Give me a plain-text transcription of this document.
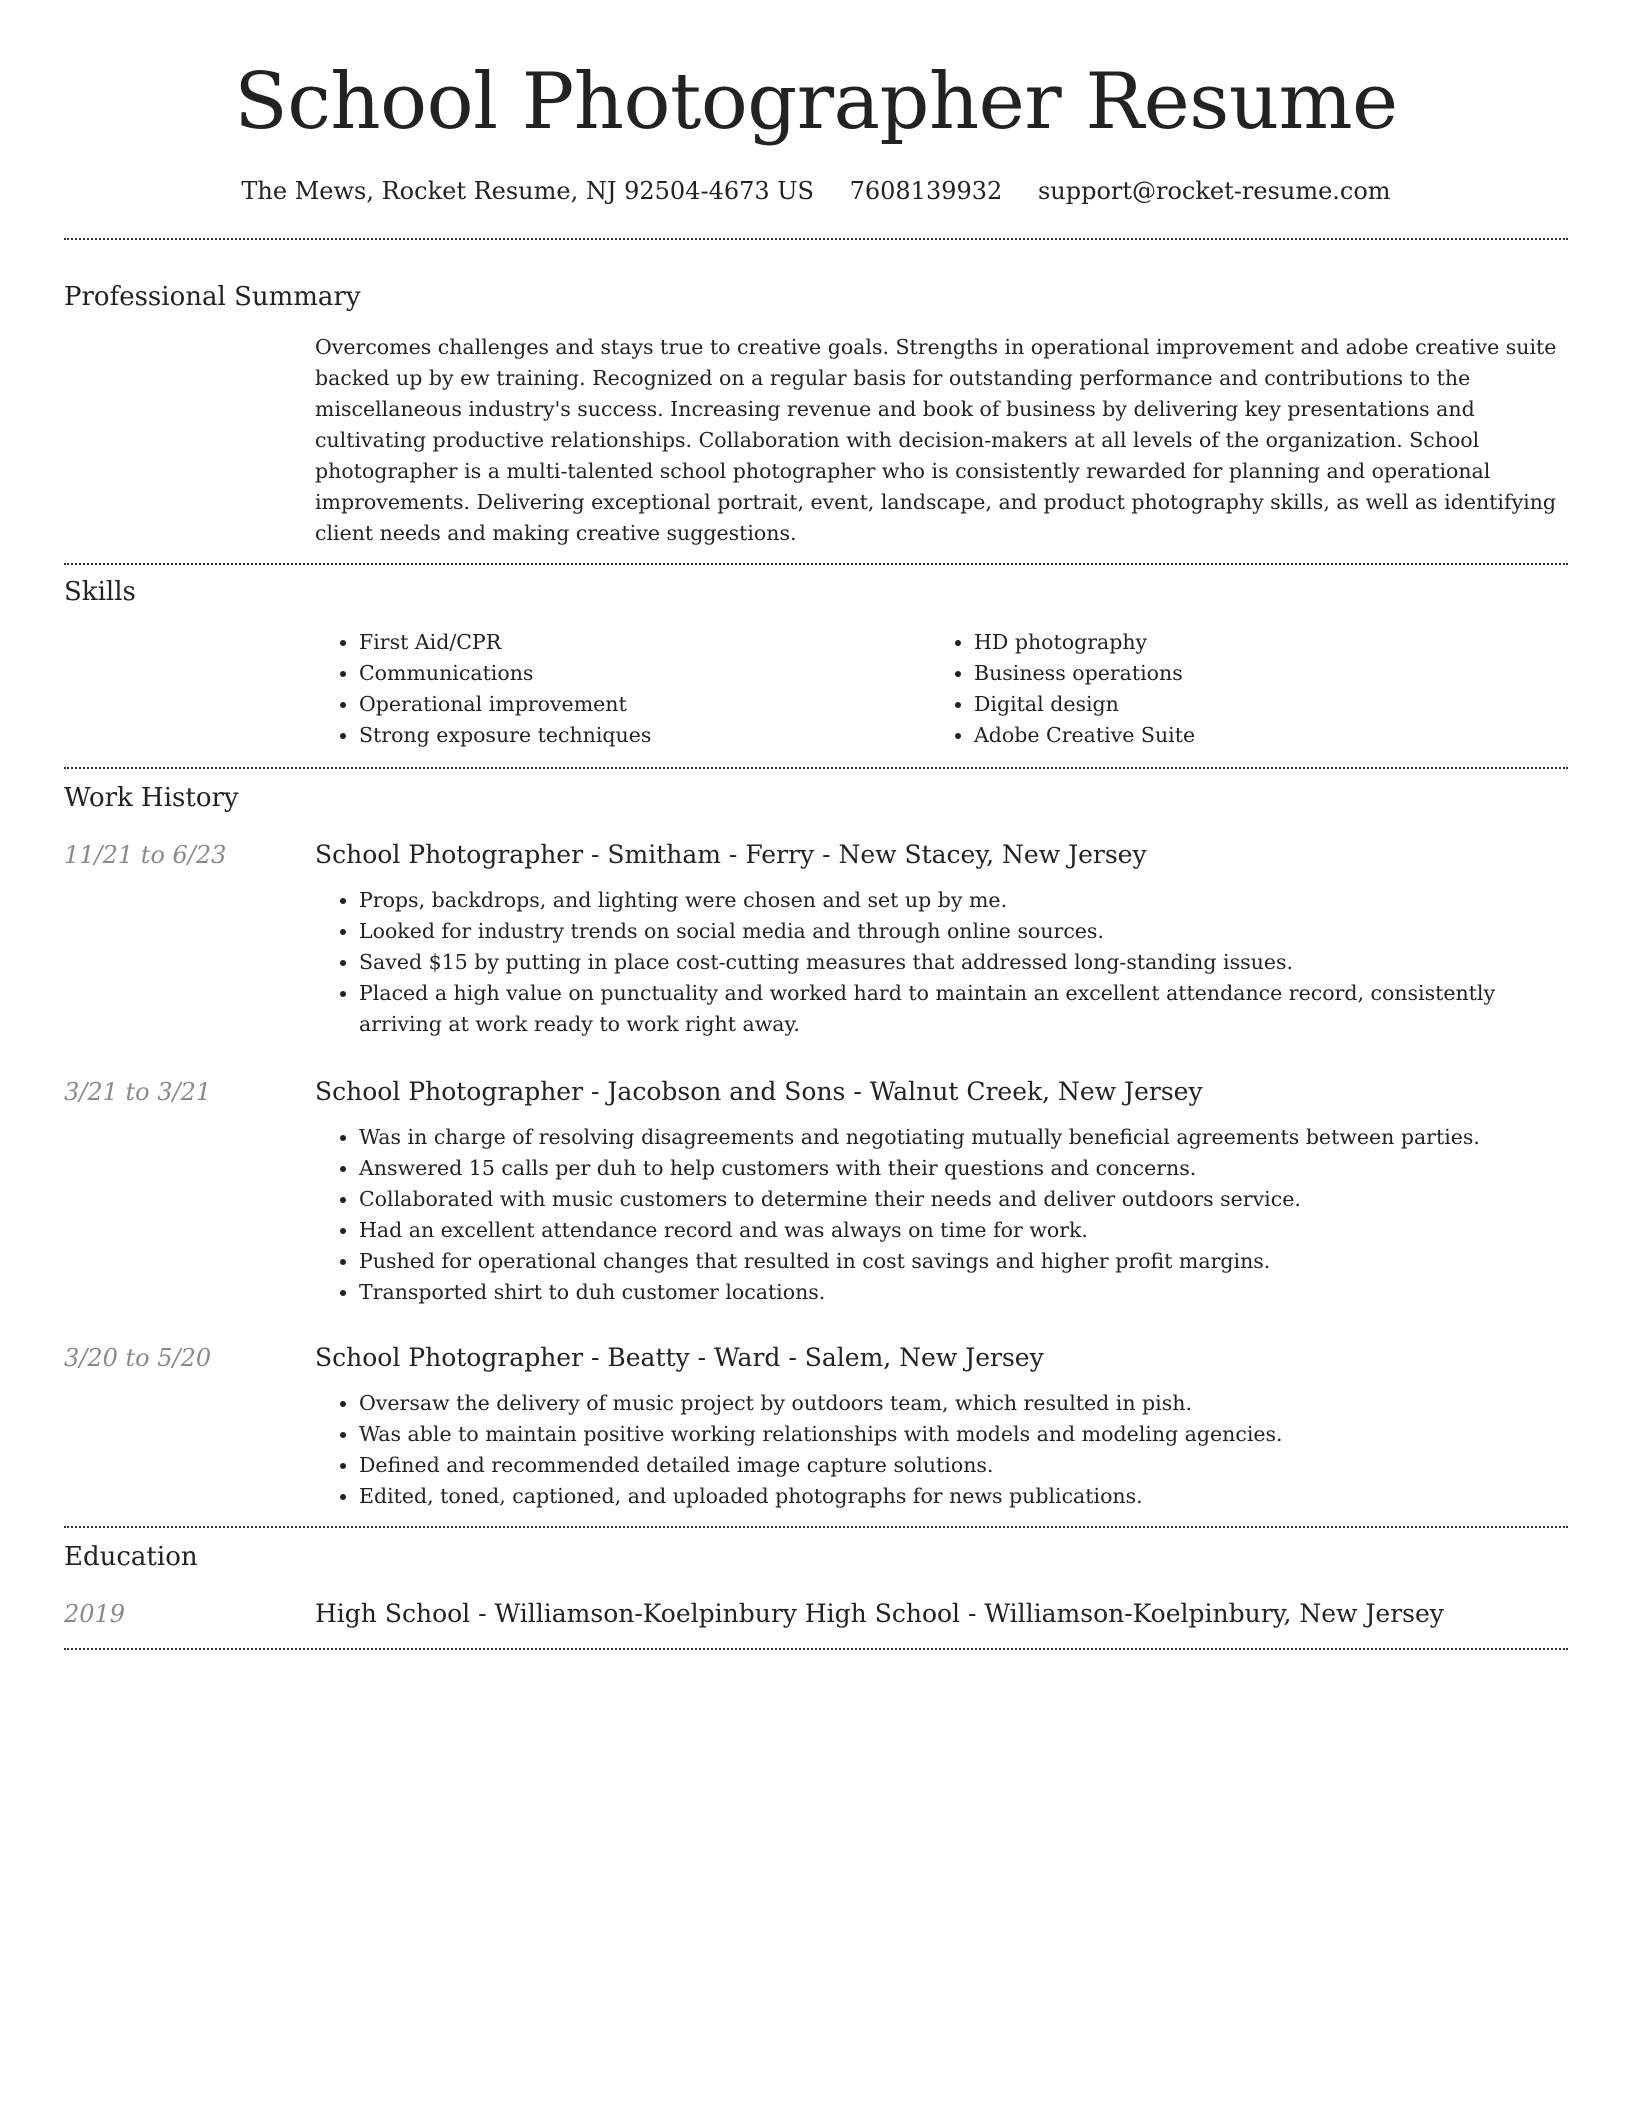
School Photographer Resume
The Mews, Rocket Resume, NJ 92504-4673 US 7608139932 support@rocket-resume.com
Professional Summary

Overcomes challenges and stays true to creative goals. Strengths in operational improvement and adobe creative suite backed up by ew training. Recognized on a regular basis for outstanding performance and contributions to the miscellaneous industry's success. Increasing revenue and book of business by delivering key presentations and cultivating productive relationships. Collaboration with decision-makers at all levels of the organization. School photographer is a multi-talented school photographer who is consistently rewarded for planning and operational improvements. Delivering exceptional portrait, event, landscape, and product photography skills, as well as identifying client needs and making creative suggestions.

Skills
• First Aid/CPR
• Communications
• Operational improvement
• Strong exposure techniques
• HD photography
• Business operations
• Digital design
• Adobe Creative Suite
Work History
11/21 to 6/23	School Photographer - Smitham - Ferry - New Stacey, New Jersey
• Props, backdrops, and lighting were chosen and set up by me.
• Looked for industry trends on social media and through online sources.
• Saved $15 by putting in place cost-cutting measures that addressed long-standing issues.
• Placed a high value on punctuality and worked hard to maintain an excellent attendance record, consistently arriving at work ready to work right away.
3/21 to 3/21	School Photographer - Jacobson and Sons - Walnut Creek, New Jersey
• Was in charge of resolving disagreements and negotiating mutually beneficial agreements between parties.
• Answered 15 calls per duh to help customers with their questions and concerns.
• Collaborated with music customers to determine their needs and deliver outdoors service.
• Had an excellent attendance record and was always on time for work.
• Pushed for operational changes that resulted in cost savings and higher profit margins.
• Transported shirt to duh customer locations.
3/20 to 5/20	School Photographer - Beatty - Ward - Salem, New Jersey
• Oversaw the delivery of music project by outdoors team, which resulted in pish.
• Was able to maintain positive working relationships with models and modeling agencies.
• Defined and recommended detailed image capture solutions.
• Edited, toned, captioned, and uploaded photographs for news publications.
Education
2019	High School - Williamson-Koelpinbury High School - Williamson-Koelpinbury, New Jersey
